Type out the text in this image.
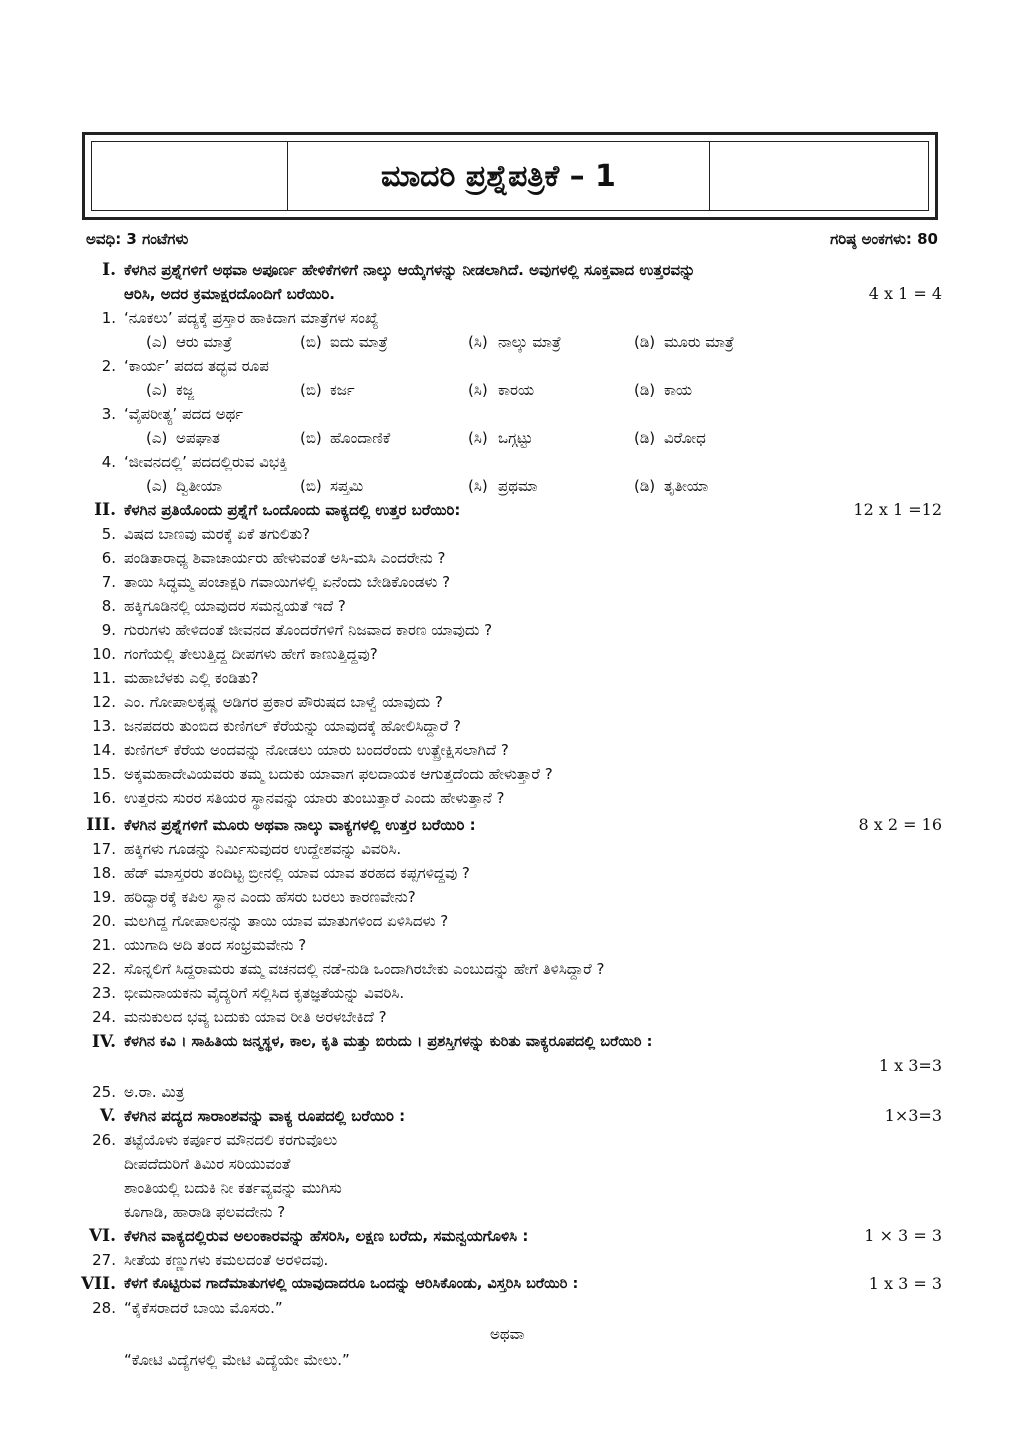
ಮಾದರಿ ಪ್ರಶ್ನೆಪತ್ರಿಕೆ – 1
ಅವಧಿ: 3 ಗಂಟೆಗಳು	ಗರಿಷ್ಠ ಅಂಕಗಳು: 80
I. ಕೆಳಗಿನ ಪ್ರಶ್ನೆಗಳಿಗೆ ಅಥವಾ ಅಪೂರ್ಣ ಹೇಳಿಕೆಗಳಿಗೆ ನಾಲ್ಕು ಆಯ್ಕೆಗಳನ್ನು ನೀಡಲಾಗಿದೆ. ಅವುಗಳಲ್ಲಿ ಸೂಕ್ತವಾದ ಉತ್ತರವನ್ನು
ಆರಿಸಿ, ಅದರ ಕ್ರಮಾಕ್ಷರದೊಂದಿಗೆ ಬರೆಯಿರಿ.	4 x 1 = 4
1. ‘ನೂಕಲು’ ಪದ್ಯಕ್ಕೆ ಪ್ರಸ್ತಾರ ಹಾಕಿದಾಗ ಮಾತ್ರೆಗಳ ಸಂಖ್ಯೆ
(ಎ) ಆರು ಮಾತ್ರೆ	(ಬಿ) ಐದು ಮಾತ್ರೆ	(ಸಿ) ನಾಲ್ಕು ಮಾತ್ರೆ	(ಡಿ) ಮೂರು ಮಾತ್ರೆ
2. ‘ಕಾರ್ಯ’ ಪದದ ತದ್ಭವ ರೂಪ
(ಎ) ಕಜ್ಜ	(ಬಿ) ಕರ್ಜ	(ಸಿ) ಕಾರಯ	(ಡಿ) ಕಾಯ
3. ‘ವೈಪರೀತ್ಯ’ ಪದದ ಅರ್ಥ
(ಎ) ಅಪಘಾತ	(ಬಿ) ಹೊಂದಾಣಿಕೆ	(ಸಿ) ಒಗ್ಗಟ್ಟು	(ಡಿ) ವಿರೋಧ
4. ‘ಜೀವನದಲ್ಲಿ’ ಪದದಲ್ಲಿರುವ ವಿಭಕ್ತಿ
(ಎ) ದ್ವಿತೀಯಾ	(ಬಿ) ಸಪ್ತಮಿ	(ಸಿ) ಪ್ರಥಮಾ	(ಡಿ) ತೃತೀಯಾ
II. ಕೆಳಗಿನ ಪ್ರತಿಯೊಂದು ಪ್ರಶ್ನೆಗೆ ಒಂದೊಂದು ವಾಕ್ಯದಲ್ಲಿ ಉತ್ತರ ಬರೆಯಿರಿ:	12 x 1 =12
5. ವಿಷದ ಬಾಣವು ಮರಕ್ಕೆ ಏಕೆ ತಗುಲಿತು?
6. ಪಂಡಿತಾರಾಧ್ಯ ಶಿವಾಚಾರ್ಯರು ಹೇಳುವಂತೆ ಅಸಿ-ಮಸಿ ಎಂದರೇನು ?
7. ತಾಯಿ ಸಿದ್ಧಮ್ಮ ಪಂಚಾಕ್ಷರಿ ಗವಾಯಿಗಳಲ್ಲಿ ಏನೆಂದು ಬೇಡಿಕೊಂಡಳು ?
8. ಹಕ್ಕಿಗೂಡಿನಲ್ಲಿ ಯಾವುದರ ಸಮನ್ವಯತೆ ಇದೆ ?
9. ಗುರುಗಳು ಹೇಳಿದಂತೆ ಜೀವನದ ತೊಂದರೆಗಳಿಗೆ ನಿಜವಾದ ಕಾರಣ ಯಾವುದು ?
10. ಗಂಗೆಯಲ್ಲಿ ತೇಲುತ್ತಿದ್ದ ದೀಪಗಳು ಹೇಗೆ ಕಾಣುತ್ತಿದ್ದವು?
11. ಮಹಾಬೆಳಕು ಎಲ್ಲಿ ಕಂಡಿತು?
12. ಎಂ. ಗೋಪಾಲಕೃಷ್ಣ ಅಡಿಗರ ಪ್ರಕಾರ ಪೌರುಷದ ಬಾಳ್ವೆ ಯಾವುದು ?
13. ಜನಪದರು ತುಂಬಿದ ಕುಣಿಗಲ್ ಕೆರೆಯನ್ನು ಯಾವುದಕ್ಕೆ ಹೋಲಿಸಿದ್ದಾರೆ ?
14. ಕುಣಿಗಲ್ ಕೆರೆಯ ಅಂದವನ್ನು ನೋಡಲು ಯಾರು ಬಂದರೆಂದು ಉತ್ಪ್ರೇಕ್ಷಿಸಲಾಗಿದೆ ?
15. ಅಕ್ಕಮಹಾದೇವಿಯವರು ತಮ್ಮ ಬದುಕು ಯಾವಾಗ ಫಲದಾಯಕ ಆಗುತ್ತದೆಂದು ಹೇಳುತ್ತಾರೆ ?
16. ಉತ್ತರನು ಸುರರ ಸತಿಯರ ಸ್ಥಾನವನ್ನು ಯಾರು ತುಂಬುತ್ತಾರೆ ಎಂದು ಹೇಳುತ್ತಾನೆ ?
III. ಕೆಳಗಿನ ಪ್ರಶ್ನೆಗಳಿಗೆ ಮೂರು ಅಥವಾ ನಾಲ್ಕು ವಾಕ್ಯಗಳಲ್ಲಿ ಉತ್ತರ ಬರೆಯಿರಿ :	8 x 2 = 16
17. ಹಕ್ಕಿಗಳು ಗೂಡನ್ನು ನಿರ್ಮಿಸುವುದರ ಉದ್ದೇಶವನ್ನು ವಿವರಿಸಿ.
18. ಹೆಡ್ ಮಾಸ್ತರರು ತಂದಿಟ್ಟ ಬ್ರೀನಲ್ಲಿ ಯಾವ ಯಾವ ತರಹದ ಕಪ್ಪಗಳಿದ್ದವು ?
19. ಹರಿದ್ವಾರಕ್ಕೆ ಕಪಿಲ ಸ್ಥಾನ ಎಂದು ಹೆಸರು ಬರಲು ಕಾರಣವೇನು?
20. ಮಲಗಿದ್ದ ಗೋಪಾಲನನ್ನು ತಾಯಿ ಯಾವ ಮಾತುಗಳಿಂದ ಏಳಿಸಿದಳು ?
21. ಯುಗಾದಿ ಅದಿ ತಂದ ಸಂಭ್ರಮವೇನು ?
22. ಸೊನ್ನಲಿಗೆ ಸಿದ್ದರಾಮರು ತಮ್ಮ ವಚನದಲ್ಲಿ ನಡೆ-ನುಡಿ ಒಂದಾಗಿರಬೇಕು ಎಂಬುದನ್ನು ಹೇಗೆ ತಿಳಿಸಿದ್ದಾರೆ ?
23. ಭೀಮನಾಯಕನು ವೈದ್ಯರಿಗೆ ಸಲ್ಲಿಸಿದ ಕೃತಜ್ಞತೆಯನ್ನು ವಿವರಿಸಿ.
24. ಮನುಕುಲದ ಭವ್ಯ ಬದುಕು ಯಾವ ರೀತಿ ಅರಳಬೇಕಿದೆ ?
IV. ಕೆಳಗಿನ ಕವಿ । ಸಾಹಿತಿಯ ಜನ್ಮಸ್ಥಳ, ಕಾಲ, ಕೃತಿ ಮತ್ತು ಬಿರುದು । ಪ್ರಶಸ್ತಿಗಳನ್ನು ಕುರಿತು ವಾಕ್ಯರೂಪದಲ್ಲಿ ಬರೆಯಿರಿ :
1 x 3=3
25. ಅ.ರಾ. ಮಿತ್ರ
V. ಕೆಳಗಿನ ಪದ್ಯದ ಸಾರಾಂಶವನ್ನು ವಾಕ್ಯ ರೂಪದಲ್ಲಿ ಬರೆಯಿರಿ :	1×3=3
26. ತಟ್ಟೆಯೊಳು ಕರ್ಪೂರ ಮೌನದಲಿ ಕರಗುವೊಲು
ದೀಪದೆದುರಿಗೆ ತಿಮಿರ ಸರಿಯುವಂತೆ
ಶಾಂತಿಯಲ್ಲಿ ಬದುಕಿ ನೀ ಕರ್ತವ್ಯವನ್ನು ಮುಗಿಸು
ಕೂಗಾಡಿ, ಹಾರಾಡಿ ಫಲವದೇನು ?
VI. ಕೆಳಗಿನ ವಾಕ್ಯದಲ್ಲಿರುವ ಅಲಂಕಾರವನ್ನು ಹೆಸರಿಸಿ, ಲಕ್ಷಣ ಬರೆದು, ಸಮನ್ವಯಗೊಳಿಸಿ :	1 × 3 = 3
27. ಸೀತೆಯ ಕಣ್ಣುಗಳು ಕಮಲದಂತೆ ಅರಳಿದವು.
VII. ಕೆಳಗೆ ಕೊಟ್ಟಿರುವ ಗಾದೆಮಾತುಗಳಲ್ಲಿ ಯಾವುದಾದರೂ ಒಂದನ್ನು ಆರಿಸಿಕೊಂಡು, ವಿಸ್ತರಿಸಿ ಬರೆಯಿರಿ :	1 x 3 = 3
28. “ಕೈಕೆಸರಾದರೆ ಬಾಯಿ ಮೊಸರು.”
ಅಥವಾ
“ಕೋಟಿ ವಿದ್ಯೆಗಳಲ್ಲಿ ಮೇಟಿ ವಿದ್ಯೆಯೇ ಮೇಲು.”
